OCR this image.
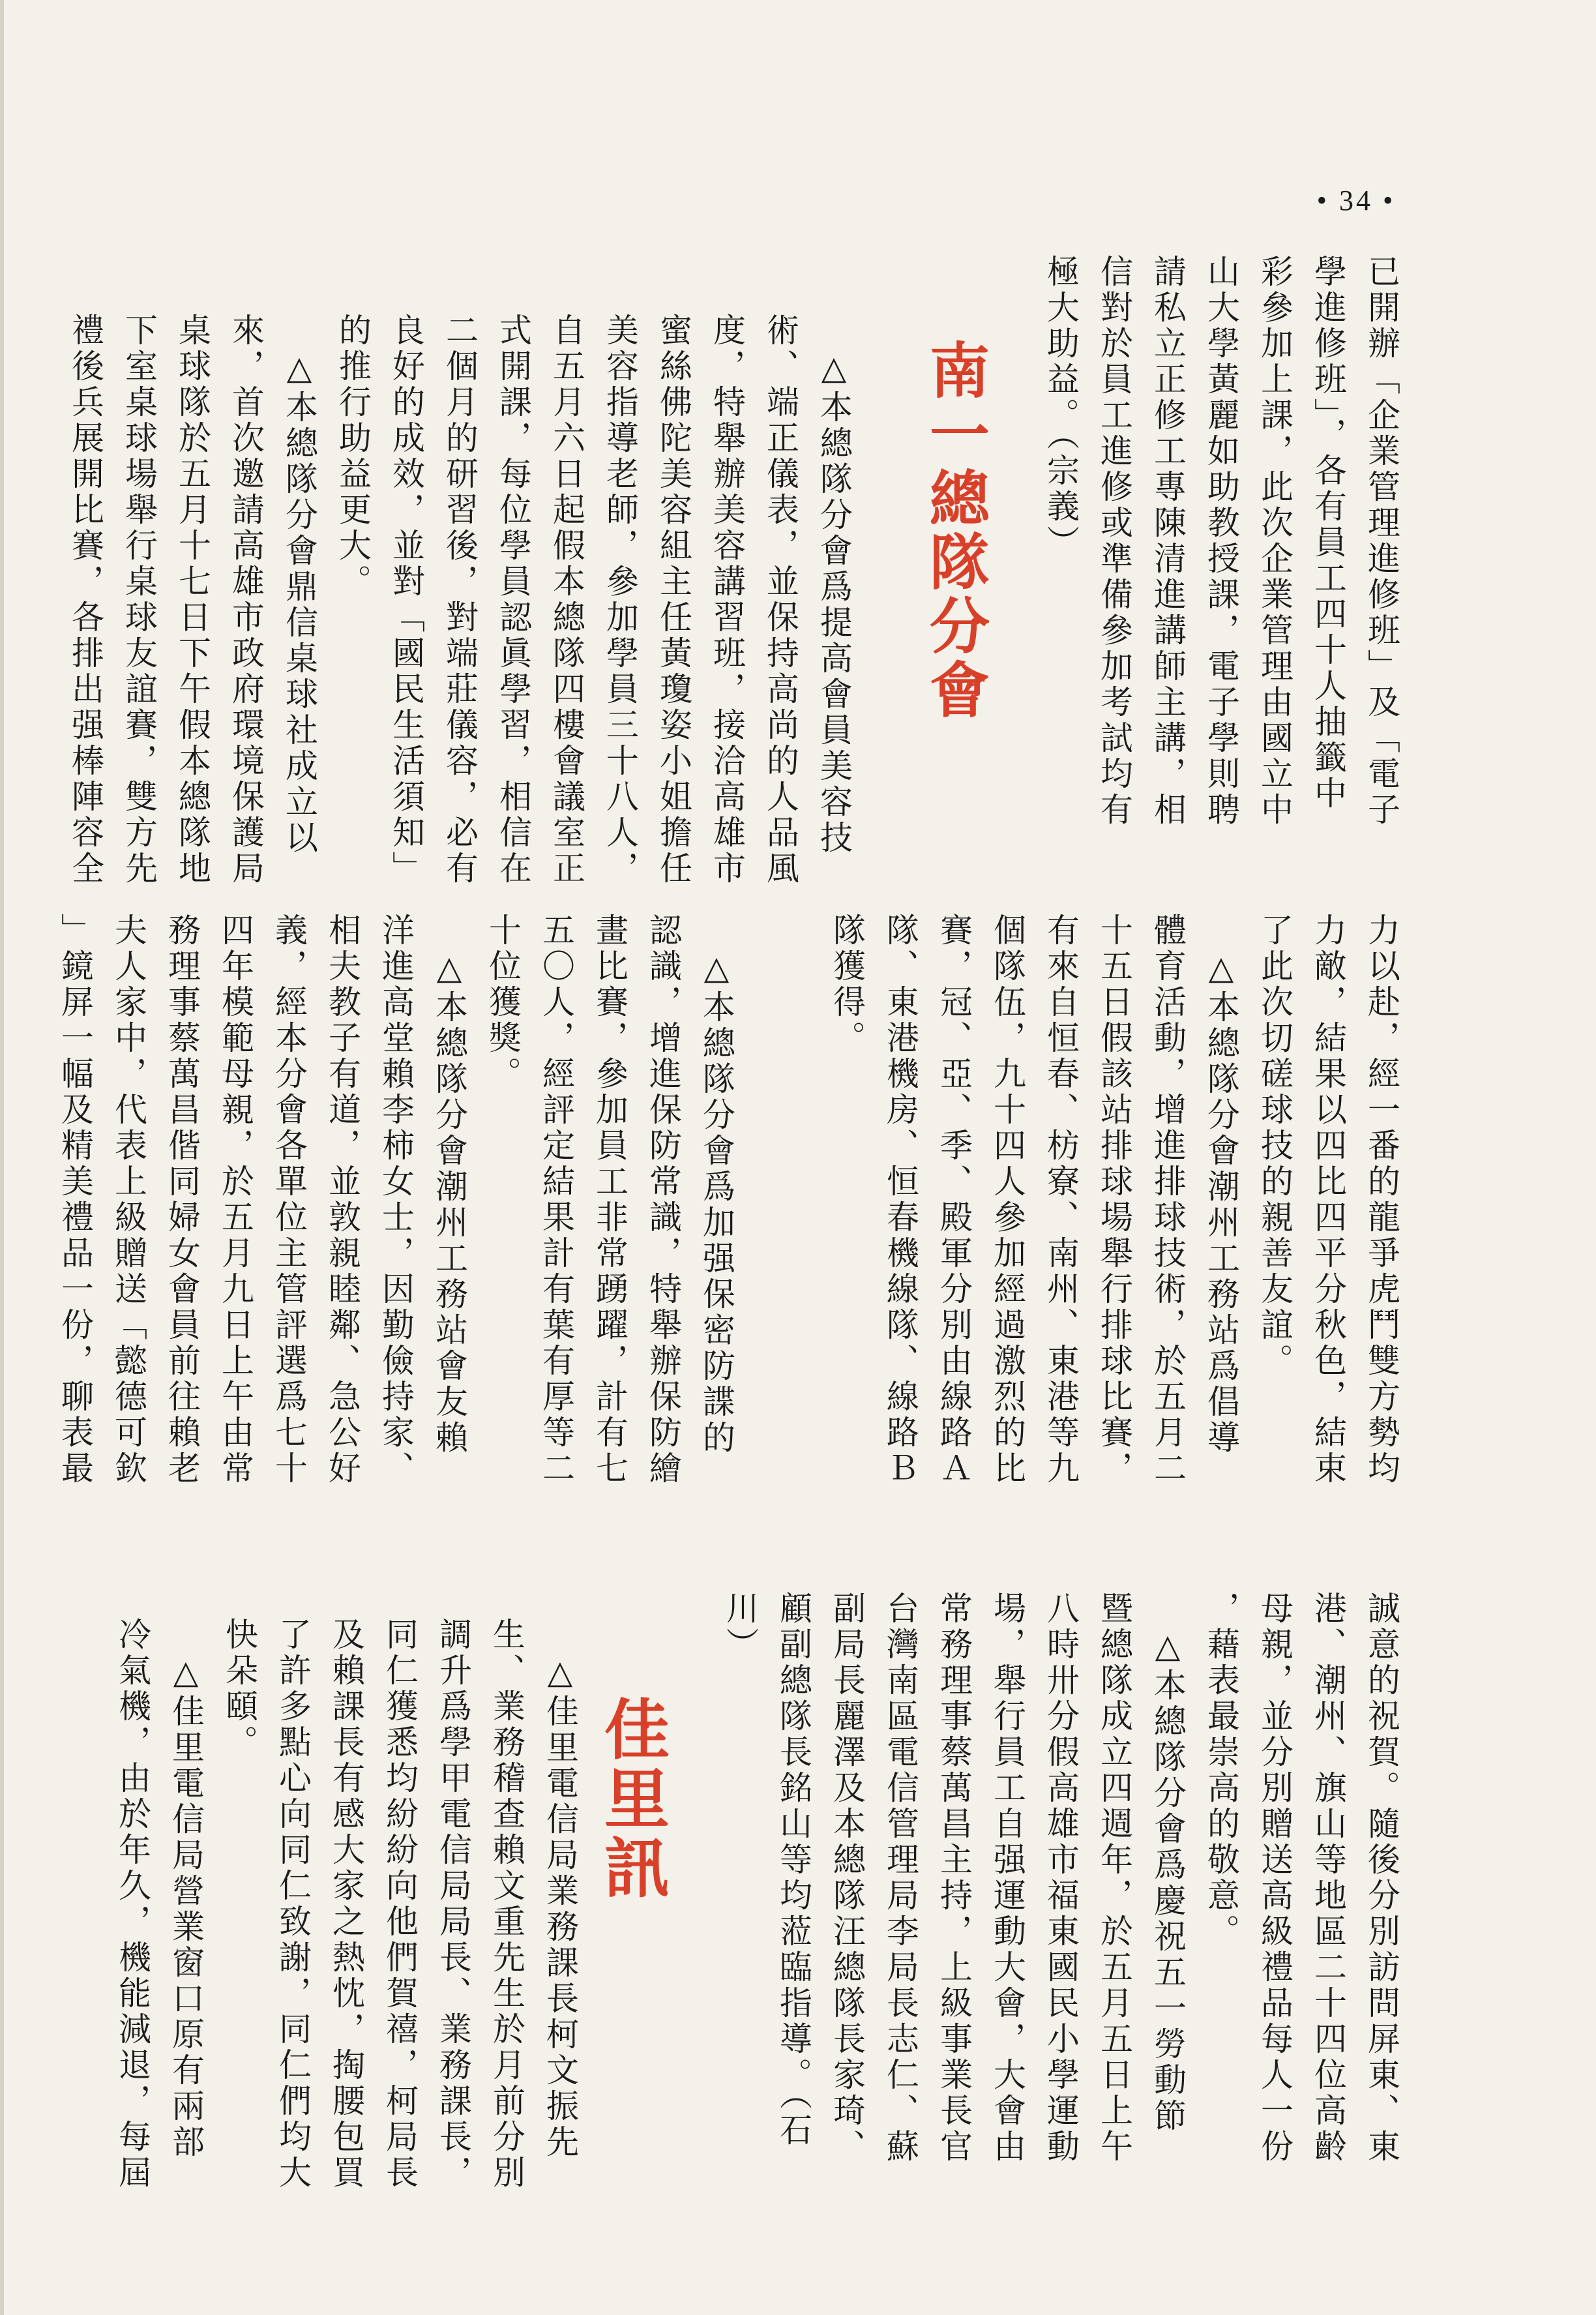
• 34 •
已開辦「企業管理進修班」及「電子
學進修班」，各有員工四十人抽籤中
彩參加上課，此次企業管理由國立中
山大學黃麗如助教授課，電子學則聘
請私立正修工專陳清進講師主講，相
信對於員工進修或準備參加考試均有
極大助益。（宗義）
南一總隊分會
　△本總隊分會爲提高會員美容技
術、端正儀表，並保持高尚的人品風
度，特舉辦美容講習班，接洽高雄市
蜜絲佛陀美容組主任黃瓊姿小姐擔任
美容指導老師，參加學員三十八人，
自五月六日起假本總隊四樓會議室正
式開課，每位學員認眞學習，相信在
二個月的研習後，對端莊儀容，必有
良好的成效，並對「國民生活須知」
的推行助益更大。
　△本總隊分會鼎信桌球社成立以
來，首次邀請高雄市政府環境保護局
桌球隊於五月十七日下午假本總隊地
下室桌球場舉行桌球友誼賽，雙方先
禮後兵展開比賽，各排出强棒陣容全
力以赴，經一番的龍爭虎鬥雙方勢均
力敵，結果以四比四平分秋色，結束
了此次切磋球技的親善友誼。
　△本總隊分會潮州工務站爲倡導
體育活動，增進排球技術，於五月二
十五日假該站排球場舉行排球比賽，
有來自恒春、枋寮、南州、東港等九
個隊伍，九十四人參加經過激烈的比
賽，冠、亞、季、殿軍分別由線路Ａ
隊、東港機房、恒春機線隊、線路Ｂ
隊獲得。
　△本總隊分會爲加强保密防諜的
認識，增進保防常識，特舉辦保防繪
畫比賽，參加員工非常踴躍，計有七
五〇人，經評定結果計有葉有厚等二
十位獲獎。
　△本總隊分會潮州工務站會友賴
洋進高堂賴李柿女士，因勤儉持家、
相夫教子有道，並敦親睦鄰、急公好
義，經本分會各單位主管評選爲七十
四年模範母親，於五月九日上午由常
務理事蔡萬昌偕同婦女會員前往賴老
夫人家中，代表上級贈送「懿德可欽
」鏡屏一幅及精美禮品一份，聊表最
誠意的祝賀。隨後分別訪問屏東、東
港、潮州、旗山等地區二十四位高齡
母親，並分別贈送高級禮品每人一份
，藉表最崇高的敬意。
　△本總隊分會爲慶祝五一勞動節
暨總隊成立四週年，於五月五日上午
八時卅分假高雄市福東國民小學運動
場，舉行員工自强運動大會，大會由
常務理事蔡萬昌主持，上級事業長官
台灣南區電信管理局李局長志仁、蘇
副局長麗澤及本總隊汪總隊長家琦、
顧副總隊長銘山等均蒞臨指導。（石
川）
佳里訊
　△佳里電信局業務課長柯文振先
生、業務稽查賴文重先生於月前分別
調升爲學甲電信局局長、業務課長，
同仁獲悉均紛紛向他們賀禧，柯局長
及賴課長有感大家之熱忱，掏腰包買
了許多點心向同仁致謝，同仁們均大
快朵頤。
　△佳里電信局營業窗口原有兩部
冷氣機，由於年久，機能減退，每屆
